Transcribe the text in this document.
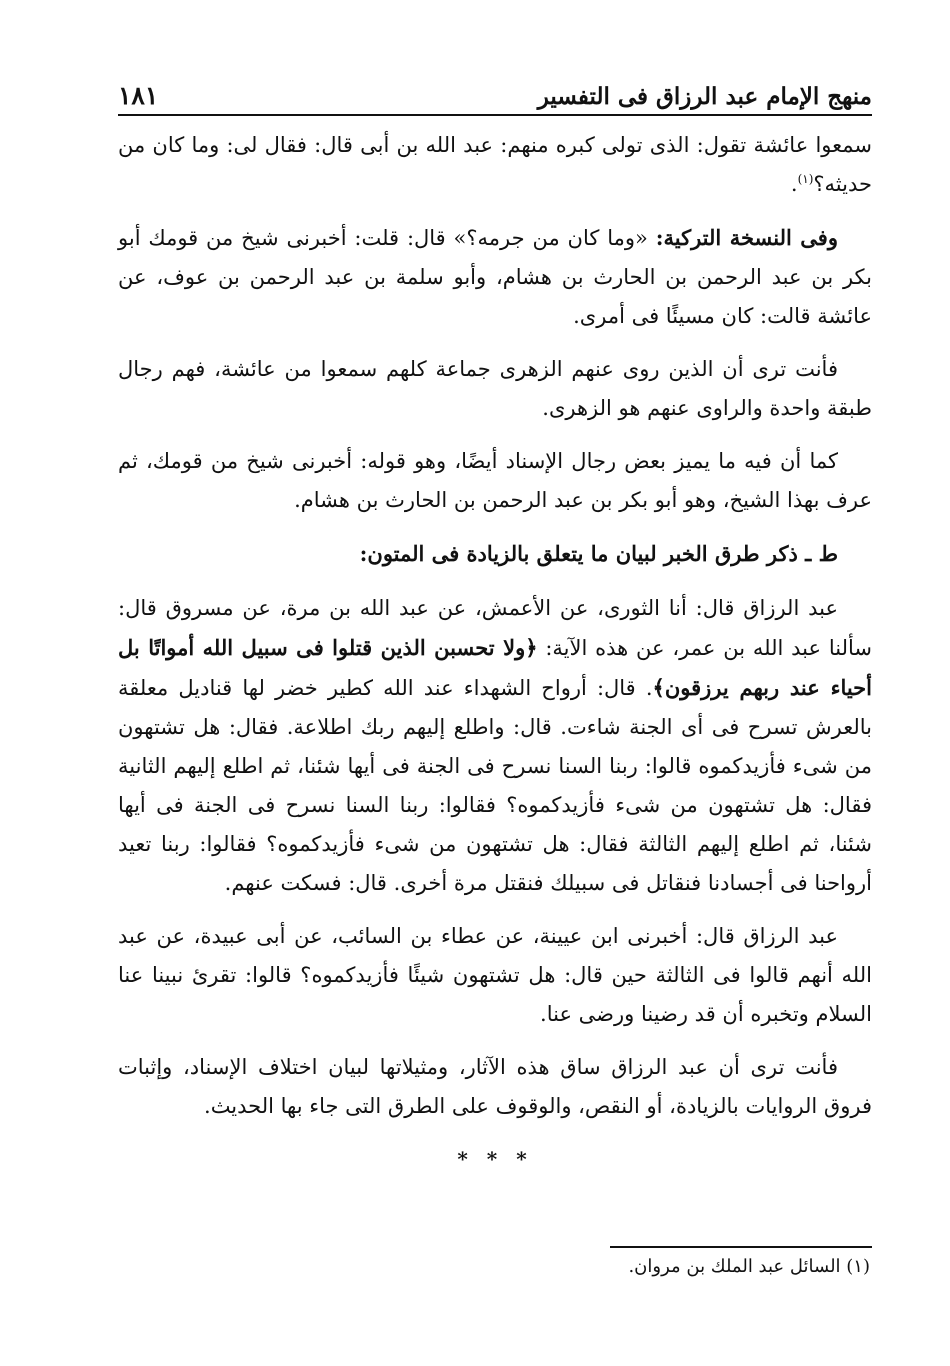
منهج الإمام عبد الرزاق فى التفسير
١٨١

سمعوا عائشة تقول: الذى تولى كبره منهم: عبد الله بن أبى قال: فقال لى: وما كان من حديثه؟$^{(١)}$.

وفى النسخة التركية: «وما كان من جرمه؟» قال: قلت: أخبرنى شيخ من قومك أبو بكر بن عبد الرحمن بن الحارث بن هشام، وأبو سلمة بن عبد الرحمن بن عوف، عن عائشة قالت: كان مسيئًا فى أمرى.

فأنت ترى أن الذين روى عنهم الزهرى جماعة كلهم سمعوا من عائشة، فهم رجال طبقة واحدة والراوى عنهم هو الزهرى.

كما أن فيه ما يميز بعض رجال الإسناد أيضًا، وهو قوله: أخبرنى شيخ من قومك، ثم عرف بهذا الشيخ، وهو أبو بكر بن عبد الرحمن بن الحارث بن هشام.

ط ـ ذكر طرق الخبر لبيان ما يتعلق بالزيادة فى المتون:

عبد الرزاق قال: أنا الثورى، عن الأعمش، عن عبد الله بن مرة، عن مسروق قال: سألنا عبد الله بن عمر، عن هذه الآية: ﴿ولا تحسبن الذين قتلوا فى سبيل الله أمواتًا بل أحياء عند ربهم يرزقون﴾. قال: أرواح الشهداء عند الله كطير خضر لها قناديل معلقة بالعرش تسرح فى أى الجنة شاءت. قال: واطلع إليهم ربك اطلاعة. فقال: هل تشتهون من شىء فأزيدكموه قالوا: ربنا السنا نسرح فى الجنة فى أيها شئنا، ثم اطلع إليهم الثانية فقال: هل تشتهون من شىء فأزيدكموه؟ فقالوا: ربنا السنا نسرح فى الجنة فى أيها شئنا، ثم اطلع إليهم الثالثة فقال: هل تشتهون من شىء فأزيدكموه؟ فقالوا: ربنا تعيد أرواحنا فى أجسادنا فنقاتل فى سبيلك فنقتل مرة أخرى. قال: فسكت عنهم.

عبد الرزاق قال: أخبرنى ابن عيينة، عن عطاء بن السائب، عن أبى عبيدة، عن عبد الله أنهم قالوا فى الثالثة حين قال: هل تشتهون شيئًا فأزيدكموه؟ قالوا: تقرئ نبينا عنا السلام وتخبره أن قد رضينا ورضى عنا.

فأنت ترى أن عبد الرزاق ساق هذه الآثار، ومثيلاتها لبيان اختلاف الإسناد، وإثبات فروق الروايات بالزيادة، أو النقص، والوقوف على الطرق التى جاء بها الحديث.

* * *
(١) السائل عبد الملك بن مروان.
